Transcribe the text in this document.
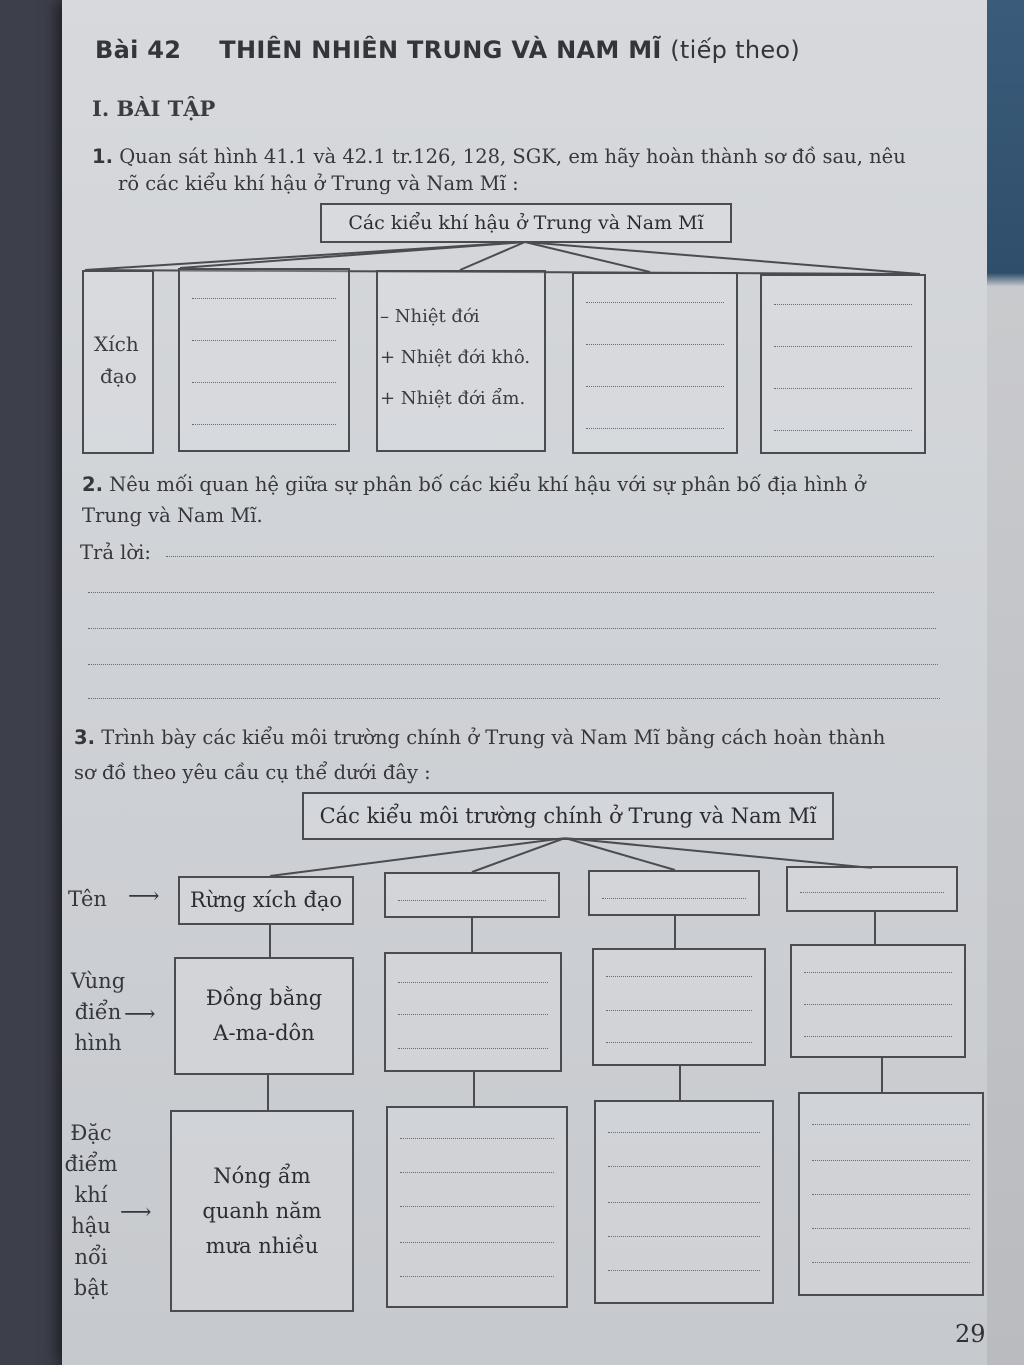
Bài 42 THIÊN NHIÊN TRUNG VÀ NAM MĨ (tiếp theo)
I. BÀI TẬP
1. Quan sát hình 41.1 và 42.1 tr.126, 128, SGK, em hãy hoàn thành sơ đồ sau, nêu
rõ các kiểu khí hậu ở Trung và Nam Mĩ :
Các kiểu khí hậu ở Trung và Nam Mĩ
Xích
đạo
– Nhiệt đới
+ Nhiệt đới khô.
+ Nhiệt đới ẩm.
2. Nêu mối quan hệ giữa sự phân bố các kiểu khí hậu với sự phân bố địa hình ở
Trung và Nam Mĩ.
Trả lời:
3. Trình bày các kiểu môi trường chính ở Trung và Nam Mĩ bằng cách hoàn thành
sơ đồ theo yêu cầu cụ thể dưới đây :
Các kiểu môi trường chính ở Trung và Nam Mĩ
Tên ⟶
Vùng
điển
hình
⟶
Đặc
điểm
khí
hậu
nổi
bật
⟶
Rừng xích đạo
Đồng bằng
A-ma-dôn
Nóng ẩm
quanh năm
mưa nhiều
29
